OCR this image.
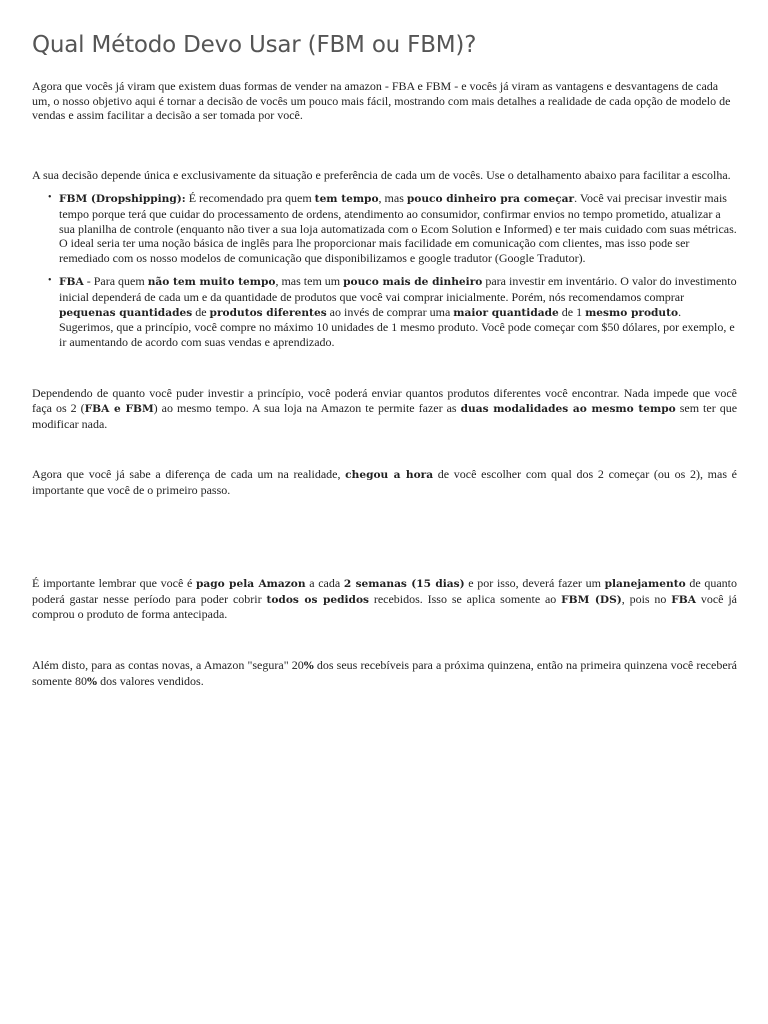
Qual Método Devo Usar (FBM ou FBM)?

Agora que vocês já viram que existem duas formas de vender na amazon - FBA e FBM - e vocês já viram as vantagens e desvantagens de cada um, o nosso objetivo aqui é tornar a decisão de vocês um pouco mais fácil, mostrando com mais detalhes a realidade de cada opção de modelo de vendas e assim facilitar a decisão a ser tomada por você.

A sua decisão depende única e exclusivamente da situação e preferência de cada um de vocês. Use o detalhamento abaixo para facilitar a escolha.

• FBM (Dropshipping): É recomendado pra quem tem tempo, mas pouco dinheiro pra começar. Você vai precisar investir mais tempo porque terá que cuidar do processamento de ordens, atendimento ao consumidor, confirmar envios no tempo prometido, atualizar a sua planilha de controle (enquanto não tiver a sua loja automatizada com o Ecom Solution e Informed) e ter mais cuidado com suas métricas. O ideal seria ter uma noção básica de inglês para lhe proporcionar mais facilidade em comunicação com clientes, mas isso pode ser remediado com os nosso modelos de comunicação que disponibilizamos e google tradutor (Google Tradutor).
• FBA - Para quem não tem muito tempo, mas tem um pouco mais de dinheiro para investir em inventário. O valor do investimento inicial dependerá de cada um e da quantidade de produtos que você vai comprar inicialmente. Porém, nós recomendamos comprar pequenas quantidades de produtos diferentes ao invés de comprar uma maior quantidade de 1 mesmo produto. Sugerimos, que a princípio, você compre no máximo 10 unidades de 1 mesmo produto. Você pode começar com $50 dólares, por exemplo, e ir aumentando de acordo com suas vendas e aprendizado.

Dependendo de quanto você puder investir a princípio, você poderá enviar quantos produtos diferentes você encontrar. Nada impede que você faça os 2 (FBA e FBM) ao mesmo tempo. A sua loja na Amazon te permite fazer as duas modalidades ao mesmo tempo sem ter que modificar nada.

Agora que você já sabe a diferença de cada um na realidade, chegou a hora de você escolher com qual dos 2 começar (ou os 2), mas é importante que você de o primeiro passo.

É importante lembrar que você é pago pela Amazon a cada 2 semanas (15 dias) e por isso, deverá fazer um planejamento de quanto poderá gastar nesse período para poder cobrir todos os pedidos recebidos. Isso se aplica somente ao FBM (DS), pois no FBA você já comprou o produto de forma antecipada.

Além disto, para as contas novas, a Amazon "segura" 20% dos seus recebíveis para a próxima quinzena, então na primeira quinzena você receberá somente 80% dos valores vendidos.
